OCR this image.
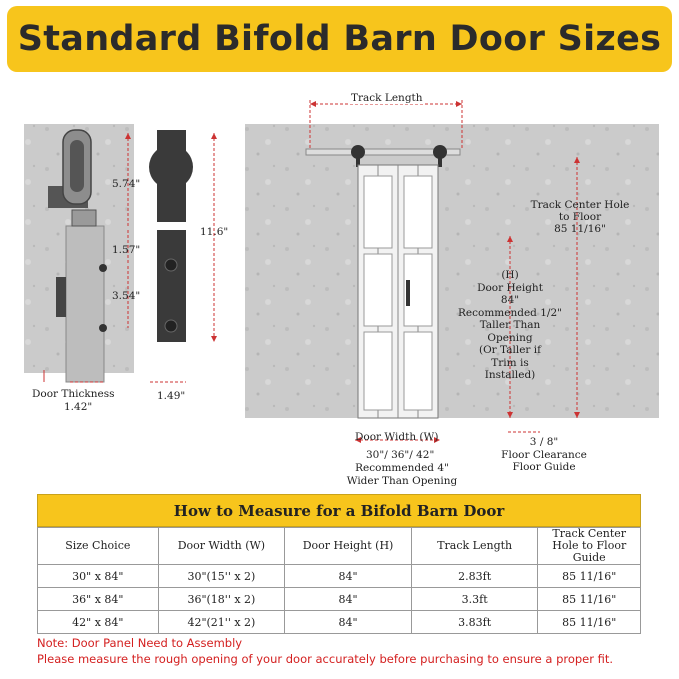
Standard Bifold Barn Door Sizes
5.74"
1.57"
3.54"
11.6"
Door Thickness
1.42"
1.49"
Track Length
Track Center Hole
to Floor
85 11/16"
(H)
Door Height
84"
Recommended 1/2"
Taller Than
Opening
(Or Taller if
Trim is
Installed)
Door Width (W)
30"/ 36"/ 42"
Recommended 4"
Wider Than Opening
3 / 8"
Floor Clearance
Floor Guide
How to Measure for a Bifold Barn Door
Size Choice	Door Width (W)	Door Height (H)	Track Length	Track Center Hole to Floor Guide
30" x 84"	30"(15'' x 2)	84"	2.83ft	85 11/16"
36" x 84"	36"(18'' x 2)	84"	3.3ft	85 11/16"
42" x 84"	42"(21'' x 2)	84"	3.83ft	85 11/16"
Note: Door Panel Need to Assembly
Please measure the rough opening of your door accurately before purchasing to ensure a proper fit.
